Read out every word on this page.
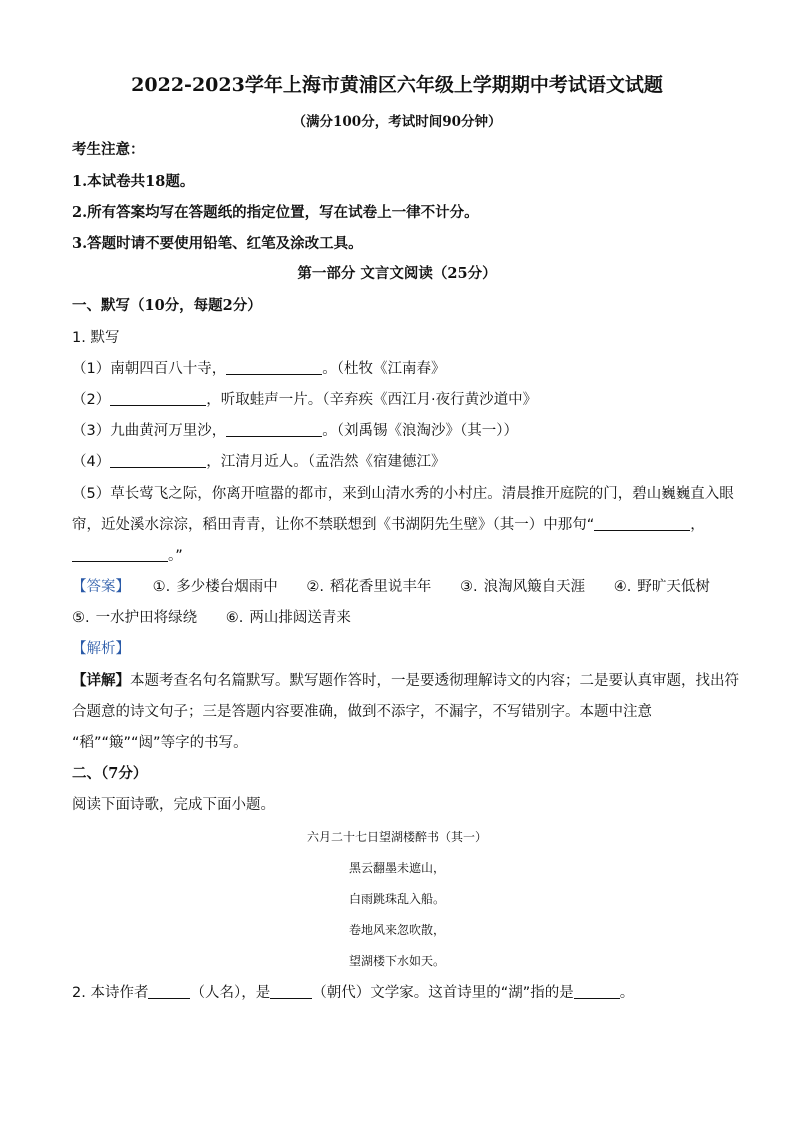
2022-2023学年上海市黄浦区六年级上学期期中考试语文试题
（满分100分，考试时间90分钟）
考生注意：
1.本试卷共18题。
2.所有答案均写在答题纸的指定位置，写在试卷上一律不计分。
3.答题时请不要使用铅笔、红笔及涂改工具。
第一部分 文言文阅读（25分）
一、默写（10分，每题2分）
1. 默写
（1）南朝四百八十寺，	。（杜牧《江南春》
（2）	，听取蛙声一片。（辛弃疾《西江月·夜行黄沙道中》
（3）九曲黄河万里沙，	。（刘禹锡《浪淘沙》（其一））
（4）	，江清月近人。（孟浩然《宿建德江》
（5）草长莺飞之际，你离开喧嚣的都市，来到山清水秀的小村庄。清晨推开庭院的门，碧山巍巍直入眼
帘，近处溪水淙淙，稻田青青，让你不禁联想到《书湖阴先生壁》（其一）中那句“	，
。”
【答案】 ①. 多少楼台烟雨中 ②. 稻花香里说丰年 ③. 浪淘风簸自天涯 ④. 野旷天低树
⑤. 一水护田将绿绕 ⑥. 两山排闼送青来
【解析】
【详解】本题考查名句名篇默写。默写题作答时，一是要透彻理解诗文的内容；二是要认真审题，找出符
合题意的诗文句子；三是答题内容要准确，做到不添字，不漏字，不写错别字。本题中注意
“稻”“簸”“闼”等字的书写。
二、（7分）
阅读下面诗歌，完成下面小题。
六月二十七日望湖楼醉书（其一）
黑云翻墨未遮山，
白雨跳珠乱入船。
卷地风来忽吹散，
望湖楼下水如天。
2. 本诗作者	（人名），是	（朝代）文学家。这首诗里的“湖”指的是	。
